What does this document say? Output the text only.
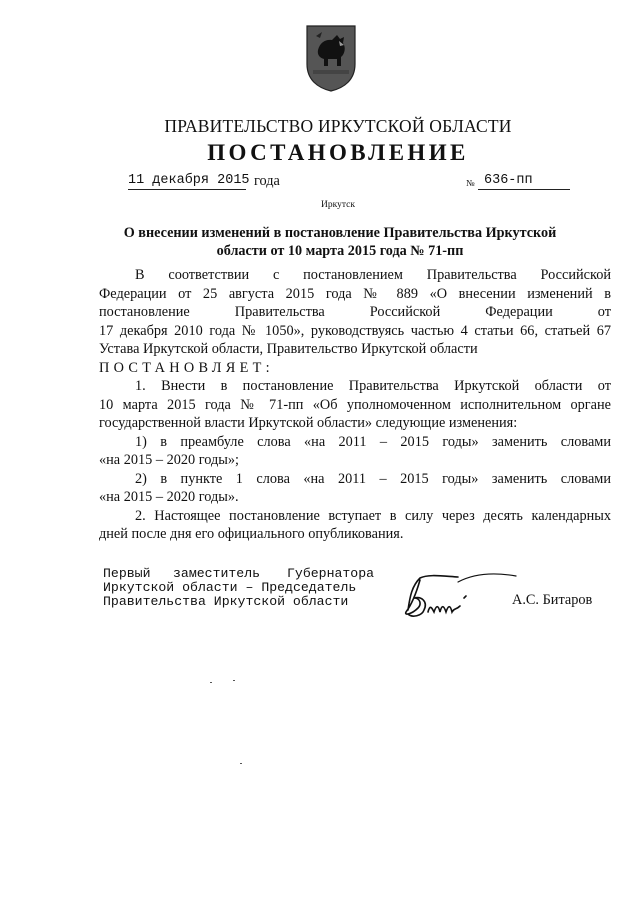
ПРАВИТЕЛЬСТВО ИРКУТСКОЙ ОБЛАСТИ
ПОСТАНОВЛЕНИЕ
11 декабря 2015 года	№ 636-пп
Иркутск
О внесении изменений в постановление Правительства Иркутской
области от 10 марта 2015 года № 71-пп

В соответствии с постановлением Правительства Российской

Федерации от 25 августа 2015 года № 889 «О внесении изменений в

постановление Правительства Российской Федерации от

17 декабря 2010 года № 1050», руководствуясь частью 4 статьи 66, статьей 67

Устава Иркутской области, Правительство Иркутской области

ПОСТАНОВЛЯЕТ:

1. Внести в постановление Правительства Иркутской области от

10 марта 2015 года № 71-пп «Об уполномоченном исполнительном органе

государственной власти Иркутской области» следующие изменения:

1) в преамбуле слова «на 2011 – 2015 годы» заменить словами

«на 2015 – 2020 годы»;

2) в пункте 1 слова «на 2011 – 2015 годы» заменить словами

«на 2015 – 2020 годы».

2. Настоящее постановление вступает в силу через десять календарных

дней после дня его официального опубликования.

Первый заместитель Губернатора
Иркутской области – Председатель
Правительства Иркутской области	А.С. Битаров
